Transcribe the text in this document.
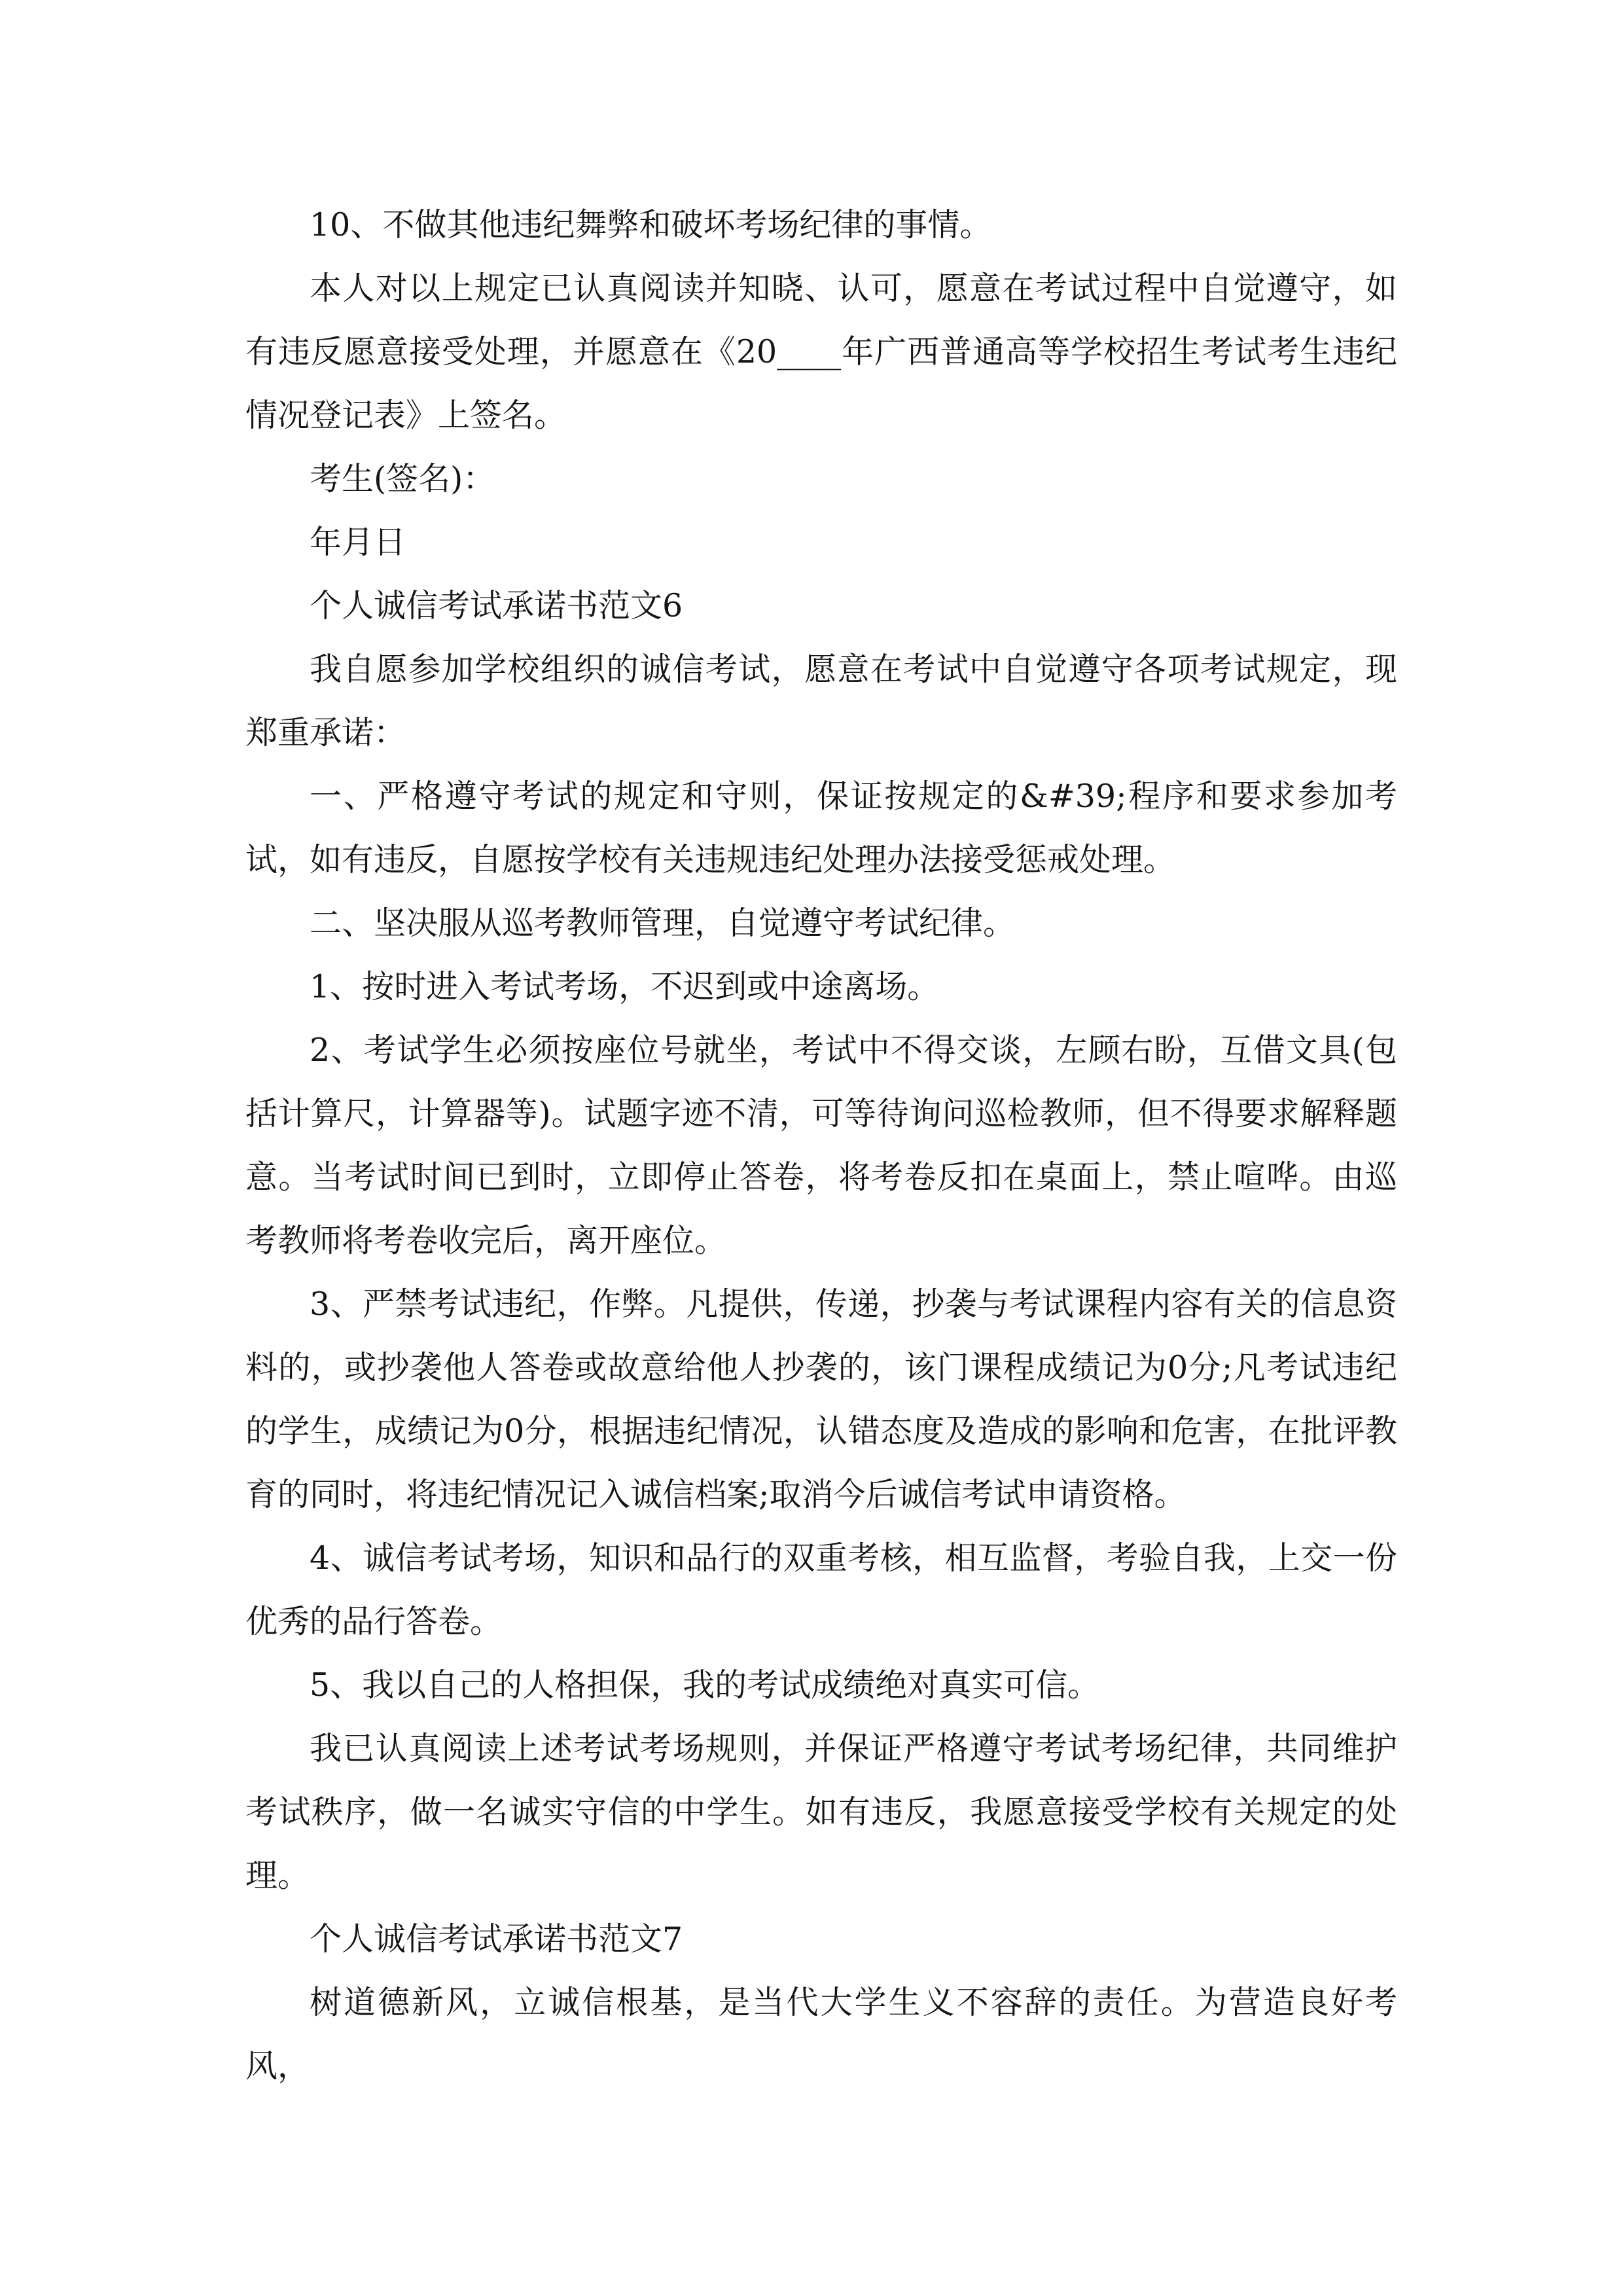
10、不做其他违纪舞弊和破坏考场纪律的事情。

本人对以上规定已认真阅读并知晓、认可，愿意在考试过程中自觉遵守，如有违反愿意接受处理，并愿意在《20____年广西普通高等学校招生考试考生违纪情况登记表》上签名。

考生(签名)：

年月日

个人诚信考试承诺书范文6

我自愿参加学校组织的诚信考试，愿意在考试中自觉遵守各项考试规定，现郑重承诺：

一、严格遵守考试的规定和守则，保证按规定的&#39;程序和要求参加考试，如有违反，自愿按学校有关违规违纪处理办法接受惩戒处理。

二、坚决服从巡考教师管理，自觉遵守考试纪律。

1、按时进入考试考场，不迟到或中途离场。

2、考试学生必须按座位号就坐，考试中不得交谈，左顾右盼，互借文具(包括计算尺，计算器等)。试题字迹不清，可等待询问巡检教师，但不得要求解释题意。当考试时间已到时，立即停止答卷，将考卷反扣在桌面上，禁止喧哗。由巡考教师将考卷收完后，离开座位。

3、严禁考试违纪，作弊。凡提供，传递，抄袭与考试课程内容有关的信息资料的，或抄袭他人答卷或故意给他人抄袭的，该门课程成绩记为0分;凡考试违纪的学生，成绩记为0分，根据违纪情况，认错态度及造成的影响和危害，在批评教育的同时，将违纪情况记入诚信档案;取消今后诚信考试申请资格。

4、诚信考试考场，知识和品行的双重考核，相互监督，考验自我，上交一份优秀的品行答卷。

5、我以自己的人格担保，我的考试成绩绝对真实可信。

我已认真阅读上述考试考场规则，并保证严格遵守考试考场纪律，共同维护考试秩序，做一名诚实守信的中学生。如有违反，我愿意接受学校有关规定的处理。

个人诚信考试承诺书范文7

树道德新风，立诚信根基，是当代大学生义不容辞的责任。为营造良好考风，
